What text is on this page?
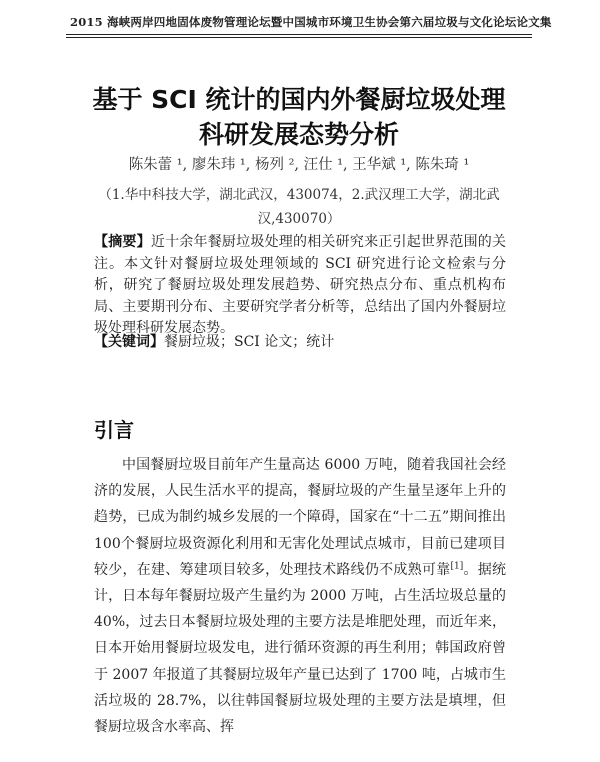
2015 海峡两岸四地固体废物管理论坛暨中国城市环境卫生协会第六届垃圾与文化论坛论文集
基于 SCI 统计的国内外餐厨垃圾处理
科研发展态势分析
陈朱蕾 ¹, 廖朱玮 ¹, 杨列 ², 汪仕 ¹, 王华斌 ¹, 陈朱琦 ¹
（1.华中科技大学，湖北武汉，430074，2.武汉理工大学，湖北武
汉,430070）
【摘要】近十余年餐厨垃圾处理的相关研究来正引起世界范围的关注。本文针对餐厨垃圾处理领域的 SCI 研究进行论文检索与分析，研究了餐厨垃圾处理发展趋势、研究热点分布、重点机构布局、主要期刊分布、主要研究学者分析等，总结出了国内外餐厨垃圾处理科研发展态势。
【关键词】餐厨垃圾；SCI 论文；统计
引言
中国餐厨垃圾目前年产生量高达 6000 万吨，随着我国社会经济的发展，人民生活水平的提高，餐厨垃圾的产生量呈逐年上升的趋势，已成为制约城乡发展的一个障碍，国家在“十二五”期间推出 100个餐厨垃圾资源化利用和无害化处理试点城市，目前已建项目较少，在建、筹建项目较多，处理技术路线仍不成熟可靠[1]。据统计，日本每年餐厨垃圾产生量约为 2000 万吨，占生活垃圾总量的 40%，过去日本餐厨垃圾处理的主要方法是堆肥处理，而近年来，日本开始用餐厨垃圾发电，进行循环资源的再生利用；韩国政府曾于 2007 年报道了其餐厨垃圾年产量已达到了 1700 吨，占城市生活垃圾的 28.7%，以往韩国餐厨垃圾处理的主要方法是填埋，但餐厨垃圾含水率高、挥
